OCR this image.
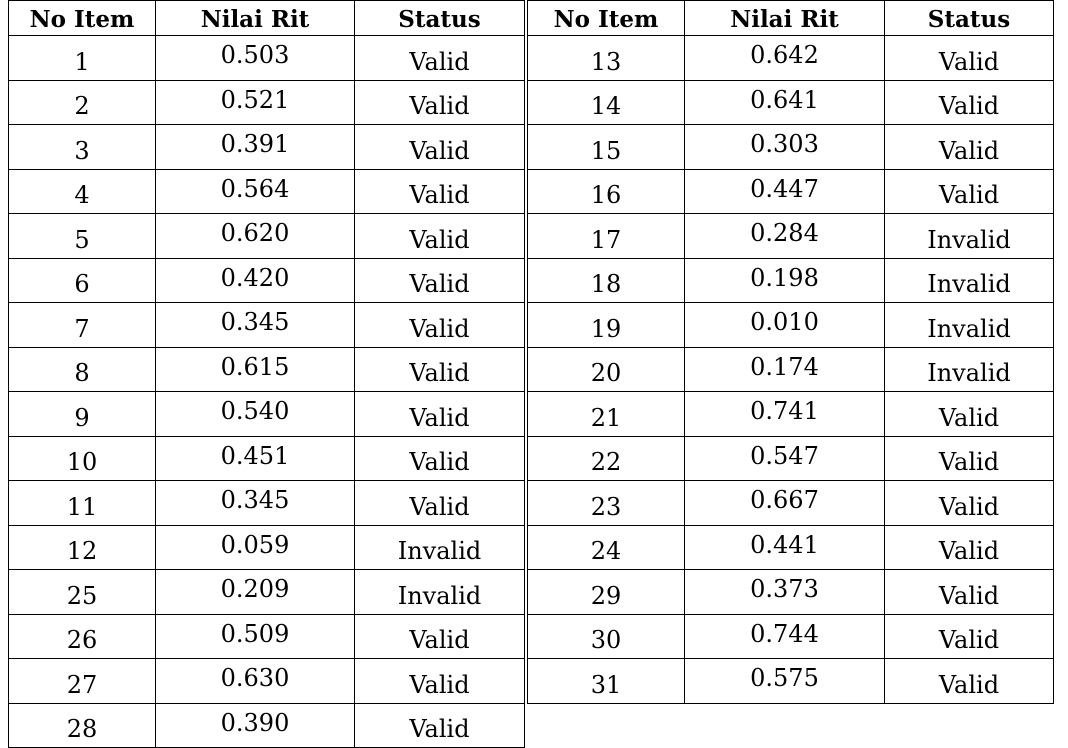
No Item	Nilai Rit	Status
1	0.503	Valid
2	0.521	Valid
3	0.391	Valid
4	0.564	Valid
5	0.620	Valid
6	0.420	Valid
7	0.345	Valid
8	0.615	Valid
9	0.540	Valid
10	0.451	Valid
11	0.345	Valid
12	0.059	Invalid
25	0.209	Invalid
26	0.509	Valid
27	0.630	Valid
28	0.390	Valid
No Item	Nilai Rit	Status
13	0.642	Valid
14	0.641	Valid
15	0.303	Valid
16	0.447	Valid
17	0.284	Invalid
18	0.198	Invalid
19	0.010	Invalid
20	0.174	Invalid
21	0.741	Valid
22	0.547	Valid
23	0.667	Valid
24	0.441	Valid
29	0.373	Valid
30	0.744	Valid
31	0.575	Valid
